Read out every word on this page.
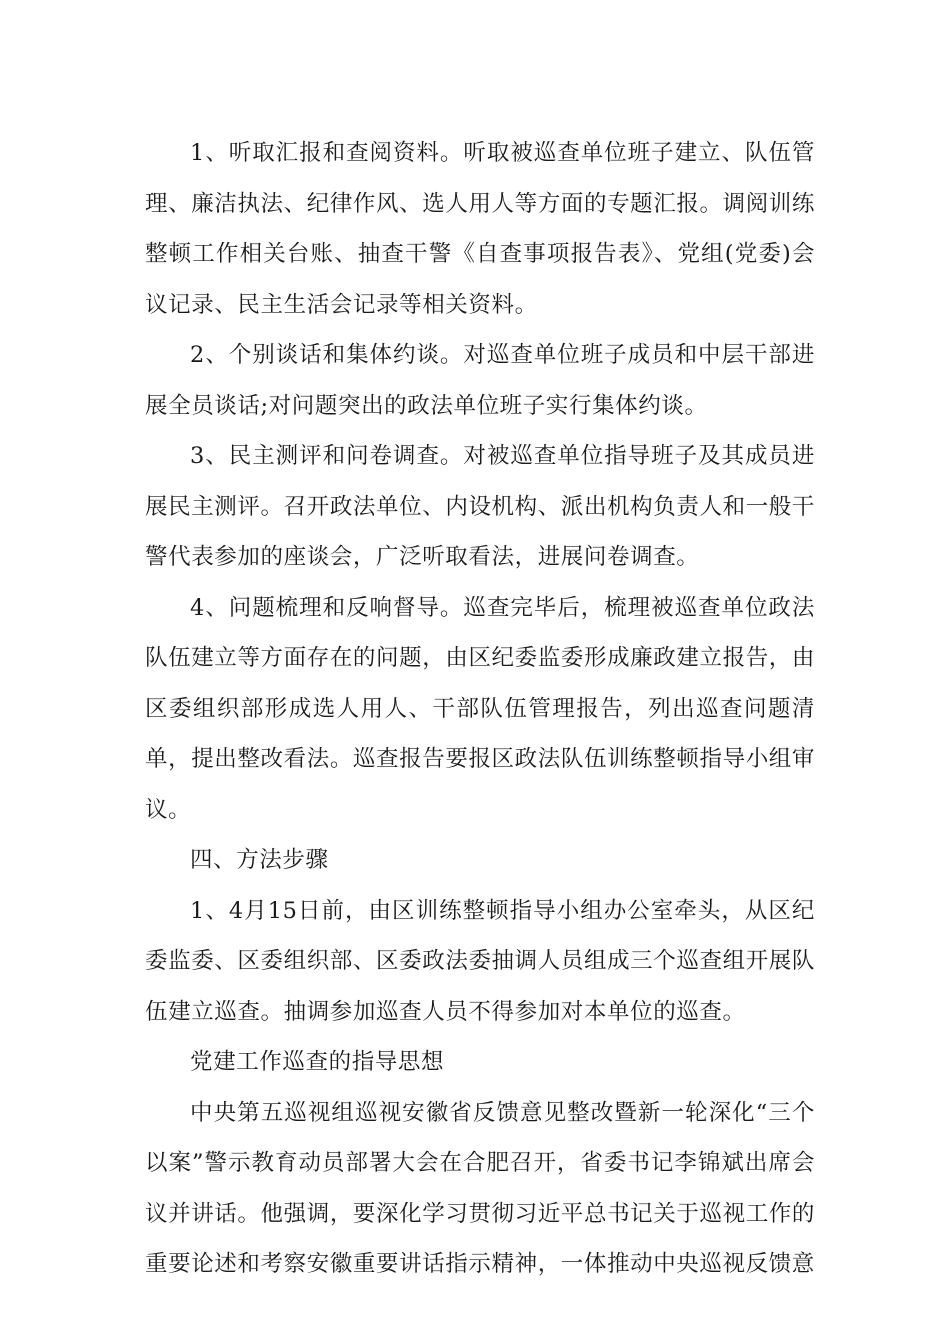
1、听取汇报和查阅资料。听取被巡查单位班子建立、队伍管理、廉洁执法、纪律作风、选人用人等方面的专题汇报。调阅训练整顿工作相关台账、抽查干警《自查事项报告表》、党组(党委)会议记录、民主生活会记录等相关资料。

2、个别谈话和集体约谈。对巡查单位班子成员和中层干部进展全员谈话;对问题突出的政法单位班子实行集体约谈。

3、民主测评和问卷调查。对被巡查单位指导班子及其成员进展民主测评。召开政法单位、内设机构、派出机构负责人和一般干警代表参加的座谈会，广泛听取看法，进展问卷调查。

4、问题梳理和反响督导。巡查完毕后，梳理被巡查单位政法队伍建立等方面存在的问题，由区纪委监委形成廉政建立报告，由区委组织部形成选人用人、干部队伍管理报告，列出巡查问题清单，提出整改看法。巡查报告要报区政法队伍训练整顿指导小组审议。

四、方法步骤

1、4月15日前，由区训练整顿指导小组办公室牵头，从区纪委监委、区委组织部、区委政法委抽调人员组成三个巡查组开展队伍建立巡查。抽调参加巡查人员不得参加对本单位的巡查。

党建工作巡查的指导思想

中央第五巡视组巡视安徽省反馈意见整改暨新一轮深化“三个以案”警示教育动员部署大会在合肥召开，省委书记李锦斌出席会议并讲话。他强调，要深化学习贯彻习近平总书记关于巡视工作的重要论述和考察安徽重要讲话指示精神，一体推动中央巡视反馈意
